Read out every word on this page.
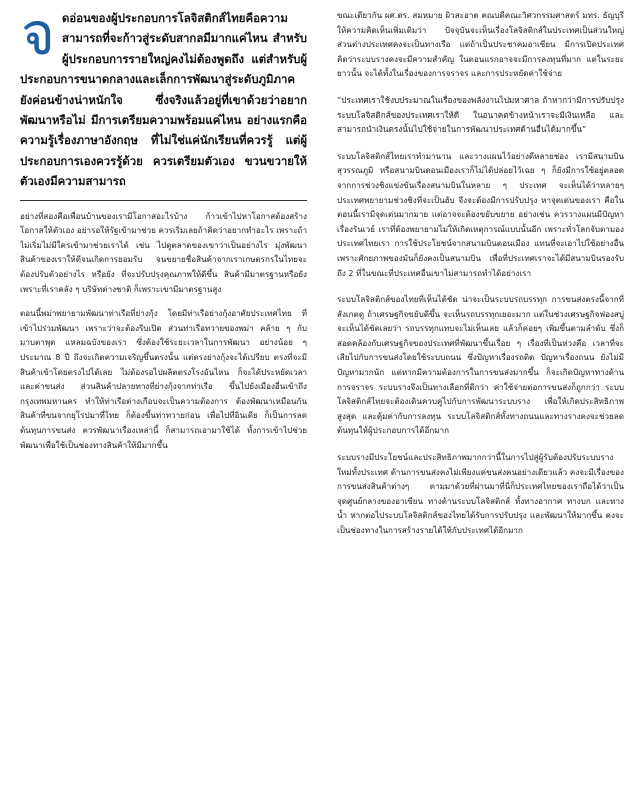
จ ดอ่อนของผู้ประกอบการโลจิสติกส์ไทยคือความสามารถที่จะก้าวสู่ระดับสากลมีมากแค่ไหน สำหรับผู้ประกอบการรายใหญ่คงไม่ต้องพูดถึง แต่สำหรับผู้ประกอบการขนาดกลางและเล็กการพัฒนาสู่ระดับภูมิภาคยังค่อนข้างน่าหนักใจ ซึ่งจริงแล้วอยู่ที่เขาด้วยว่าอยากพัฒนาหรือไม่ มีการเตรียมความพร้อมแค่ไหน อย่างแรกคือความรู้เรื่องภาษาอังกฤษ ที่ไม่ใช่แค่นักเรียนที่ควรรู้ แต่ผู้ประกอบการเองควรรู้ด้วย ควรเตรียมตัวเอง ขวนขวายให้ตัวเองมีความสามารถ

อย่างที่สองคือเพื่อนบ้านของเรามีโอกาสอะไรบ้าง ก้าวเข้าไปหาโอกาสต้องสร้างโอกาสให้ตัวเอง อย่ารอให้รัฐเข้ามาช่วย ควรเริ่มเลยถ้าคิดว่าอยากทำอะไร เพราะถ้าไม่เริ่มไม่มีใครเข้ามาช่วยเราได้ เช่น ไปดูตลาดของเขาว่าเป็นอย่างไร มุ่งพัฒนาสินค้าของเราให้ดีจนเกิดการยอมรับ จนขยายชื่อสินค้าจากเราเกษตรกรในไทยจะต้องปรับตัวอย่างไร หรือยัง ที่จะปรับปรุงคุณภาพให้ดีขึ้น สินค้ามีมาตรฐานหรือยัง เพราะที่เราคลัง ๆ บริษัทต่างชาติ ก็เพราะเขามีมาตรฐานสูง

ตอนนี้พม่าพยายามพัฒนาท่าเรือที่ย่างกุ้ง โดยมีท่าเรือย่างกุ้งอาศัยประเทศไทย ที่เข้าไปร่วมพัฒนา เพราะว่าจะต้องรีบเปิด ส่วนท่าเรือทวายของพม่า คล้าย ๆ กับมาบตาพุด แหลมฉบังของเรา ซึ่งต้องใช้ระยะเวลาในการพัฒนา อย่างน้อย ๆ ประมาณ 8 ปี ถึงจะเกิดความเจริญขึ้นตรงนั้น แต่ตรงย่างกุ้งจะได้เปรียบ ตรงที่จะมีสินค้าเข้าโดยตรงไปได้เลย ไม่ต้องรอไปผลิตตรงโรงอันไหน ก็จะได้ประหยัดเวลา และค่าขนส่ง ส่วนสินค้าปลายทางที่ย่างกุ้งจากท่าเรือ ขึ้นไปยังเมืองอื่นเข้าถึงกรุงเทพมหานคร ทำให้ท่าเรือต่างเกือบจะเป็นความต้องการ ต้องพัฒนาเหมือนกัน สินค้าที่ขนจากยุโรปมาที่ไทย ก็ต้องขึ้นท่าทวายก่อน เพื่อไปที่อินเดีย ก็เป็นการลดต้นทุนการขนส่ง ควรพัฒนาเรื่องเหล่านี้ ก็สามารถเอามาใช้ได้ ทั้งการเข้าไปช่วยพัฒนาเพื่อใช้เป็นช่องทางสินค้าให้มีมากขึ้น

ขณะเดียวกัน ผศ.ดร. สมหมาย ผิวสะอาด คณบดีคณะวิศวกรรมศาสตร์ มทร. ธัญบุรี ให้ความคิดเห็นเพิ่มเติมว่า ปัจจุบันจะเห็นเรื่องโลจิสติกส์ในประเทศเป็นส่วนใหญ่ ส่วนต่างประเทศคงจะเป็นทางเรือ แต่ถ้าเป็นประชาคมอาเซียน มีการเปิดประเทศ คิดว่าระบบรางคงจะมีความสำคัญ ในตอนแรกอาจจะมีการลงทุนที่มาก แต่ในระยะยาวนั้น จะได้ทั้งในเรื่องของการจราจร และการประหยัดค่าใช้จ่าย

“ประเทศเราใช้งบประมาณในเรื่องของพลังงานไปมหาศาล ถ้าหากว่ามีการปรับปรุงระบบโลจิสติกส์ของประเทศเราให้ดี ในอนาคตข้างหน้าเราจะมีเงินเหลือ และสามารถนำเงินตรงนั้นไปใช้จ่ายในการพัฒนาประเทศด้านอื่นได้มากขึ้น”

ระบบโลจิสติกส์ไทยเราทำมานาน และวางแผนไว้อย่างดีหลายช่อง เรามีสนามบินสุวรรณภูมิ หรือสนามบินดอนเมืองเราก็ไม่ได้ปล่อยไว้เฉย ๆ ก็ยังมีการใช้อยู่ตลอด จากการช่วงชิงแข่งขันเรื่องสนามบินในหลาย ๆ ประเทศ จะเห็นได้ว่าหลายๆ ประเทศพยายามช่วงชิงที่จะเป็นฮับ จึงจะต้องมีการปรับปรุง หาจุดเด่นของเรา คือในตอนนี้เรามีจุดเด่นมากมาย แต่อาจจะต้องขยับขยาย อย่างเช่น ควรวางแผนมีปัญหาเรื่องรันเวย์ เราที่ต้องพยายามไม่ให้เกิดเหตุการณ์แบบนั้นอีก เพราะทั่วโลกจับตามองประเทศไทยเรา การใช้ประโยชน์จากสนามบินดอนเมือง แทนที่จะเอาไปใช้อย่างอื่น เพราะศักยภาพของมันก็ยังคงเป็นสนามบิน เพื่อที่ประเทศเราจะได้มีสนามบินรองรับถึง 2 ที่ในขณะที่ประเทศอื่นเขาไม่สามารถทำได้อย่างเรา

ระบบโลจิสติกส์ของไทยที่เห็นได้ชัด น่าจะเป็นระบบรถบรรทุก การขนส่งตรงนี้จากที่สังเกตดู ถ้าเศรษฐกิจขยับดีขึ้น จะเห็นรถบรรทุกเยอะมาก แต่ในช่วงเศรษฐกิจฟองสบู่จะเห็นได้ชัดเลยว่า รถบรรทุกแทบจะไม่เห็นเลย แล้วก็ค่อยๆ เพิ่มขึ้นตามลำดับ ซึ่งก็สอดคล้องกับเศรษฐกิจของประเทศที่พัฒนาขึ้นเรื่อย ๆ เรื่องที่เป็นห่วงคือ เวลาที่จะเสียไปกับการขนส่งโดยใช้ระบบถนน ซึ่งปัญหาเรื่องรถติด ปัญหาเรื่องถนน ยังไม่มีปัญหามากนัก แต่หากมีความต้องการในการขนส่งมากขึ้น ก็จะเกิดปัญหาทางด้านการจราจร ระบบรางจึงเป็นทางเลือกที่ดีกว่า ค่าใช้จ่ายต่อการขนส่งก็ถูกกว่า ระบบโลจิสติกส์ไทยจะต้องเดินควบคู่ไปกับการพัฒนาระบบราง เพื่อให้เกิดประสิทธิภาพสูงสุด และคุ้มค่ากับการลงทุน ระบบโลจิสติกส์ทั้งทางถนนและทางรางคงจะช่วยลดต้นทุนให้ผู้ประกอบการได้อีกมาก

ระบบรางมีประโยชน์และประสิทธิภาพมากกว่านี้ในการไปสู่ผู้รับต้องปรับระบบรางใหม่ทั้งประเทศ ด้านการขนส่งคงไม่เพียงแค่ขนส่งคนอย่างเดียวแล้ว คงจะมีเรื่องของการขนส่งสินค้าต่างๆ ตามมาด้วยที่ผ่านมาที่นี่ก็ประเทศไทยของเราถือได้ว่าเป็นจุดศูนย์กลางของอาเซียน ทางด้านระบบโลจิสติกส์ ทั้งทางอากาศ ทางบก และทางน้ำ หากต่อไประบบโลจิสติกส์ของไทยได้รับการปรับปรุง และพัฒนาให้มากขึ้น คงจะเป็นช่องทางในการสร้างรายได้ให้กับประเทศได้อีกมาก
